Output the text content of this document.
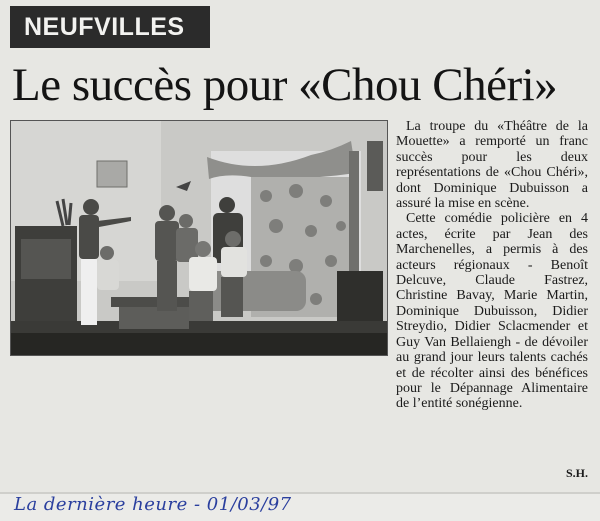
NEUFVILLES
Le succès pour «Chou Chéri»

La troupe du «Théâtre de la Mouette» a remporté un franc succès pour les deux représentations de «Chou Chéri», dont Dominique Dubuisson a assuré la mise en scène.

Cette comédie policière en 4 actes, écrite par Jean des Marchenelles, a permis à des acteurs régionaux - Benoît Delcuve, Claude Fastrez, Christine Bavay, Marie Martin, Dominique Dubuisson, Didier Streydio, Didier Sclacmender et Guy Van Bellaiengh - de dévoiler au grand jour leurs talents cachés et de récolter ainsi des bénéfices pour le Dépannage Alimentaire de l’entité sonégienne.

S.H.
La dernière heure - 01/03/97
